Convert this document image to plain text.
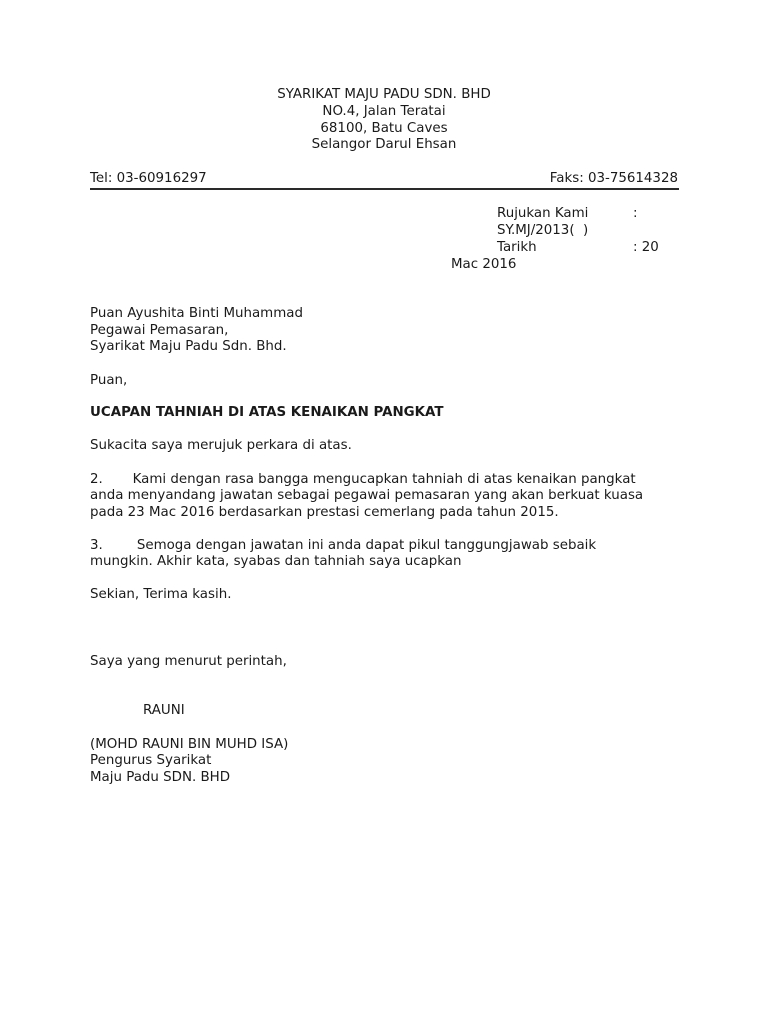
SYARIKAT MAJU PADU SDN. BHD
NO.4, Jalan Teratai
68100, Batu Caves
Selangor Darul Ehsan
Tel: 03-60916297	Faks: 03-75614328
Rujukan Kami	:
SY.MJ/2013(  )
Tarikh	: 20
Mac 2016
Puan Ayushita Binti Muhammad
Pegawai Pemasaran,
Syarikat Maju Padu Sdn. Bhd.
Puan,
UCAPAN TAHNIAH DI ATAS KENAIKAN PANGKAT
Sukacita saya merujuk perkara di atas.
2.       Kami dengan rasa bangga mengucapkan tahniah di atas kenaikan pangkat
anda menyandang jawatan sebagai pegawai pemasaran yang akan berkuat kuasa
pada 23 Mac 2016 berdasarkan prestasi cemerlang pada tahun 2015.
3.        Semoga dengan jawatan ini anda dapat pikul tanggungjawab sebaik
mungkin. Akhir kata, syabas dan tahniah saya ucapkan
Sekian, Terima kasih.
Saya yang menurut perintah,
RAUNI
(MOHD RAUNI BIN MUHD ISA)
Pengurus Syarikat
Maju Padu SDN. BHD
